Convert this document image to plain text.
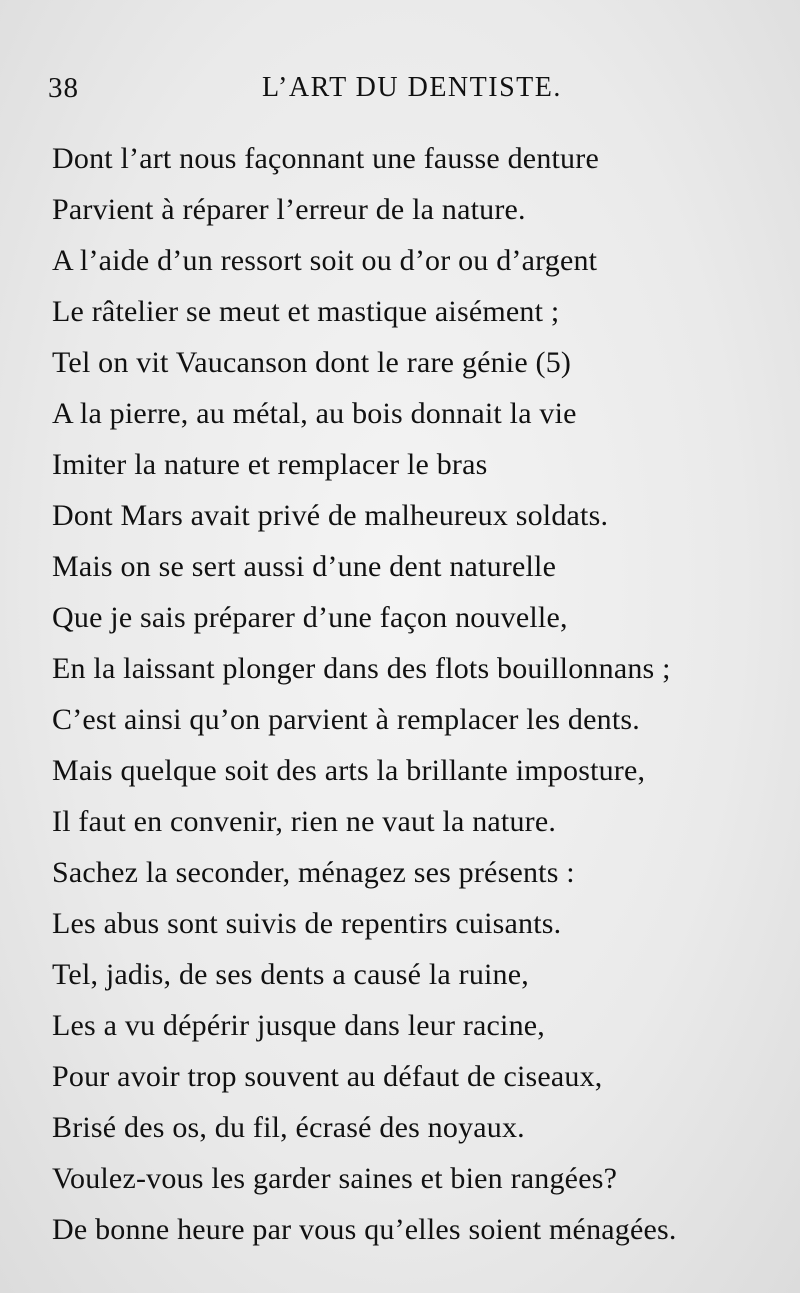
38	L’ART DU DENTISTE.
Dont l’art nous façonnant une fausse denture
Parvient à réparer l’erreur de la nature.
A l’aide d’un ressort soit ou d’or ou d’argent
Le râtelier se meut et mastique aisément ;
Tel on vit Vaucanson dont le rare génie (5)
A la pierre, au métal, au bois donnait la vie
Imiter la nature et remplacer le bras
Dont Mars avait privé de malheureux soldats.
Mais on se sert aussi d’une dent naturelle
Que je sais préparer d’une façon nouvelle,
En la laissant plonger dans des flots bouillonnans ;
C’est ainsi qu’on parvient à remplacer les dents.
Mais quelque soit des arts la brillante imposture,
Il faut en convenir, rien ne vaut la nature.
Sachez la seconder, ménagez ses présents :
Les abus sont suivis de repentirs cuisants.
Tel, jadis, de ses dents a causé la ruine,
Les a vu dépérir jusque dans leur racine,
Pour avoir trop souvent au défaut de ciseaux,
Brisé des os, du fil, écrasé des noyaux.
Voulez-vous les garder saines et bien rangées?
De bonne heure par vous qu’elles soient ménagées.
